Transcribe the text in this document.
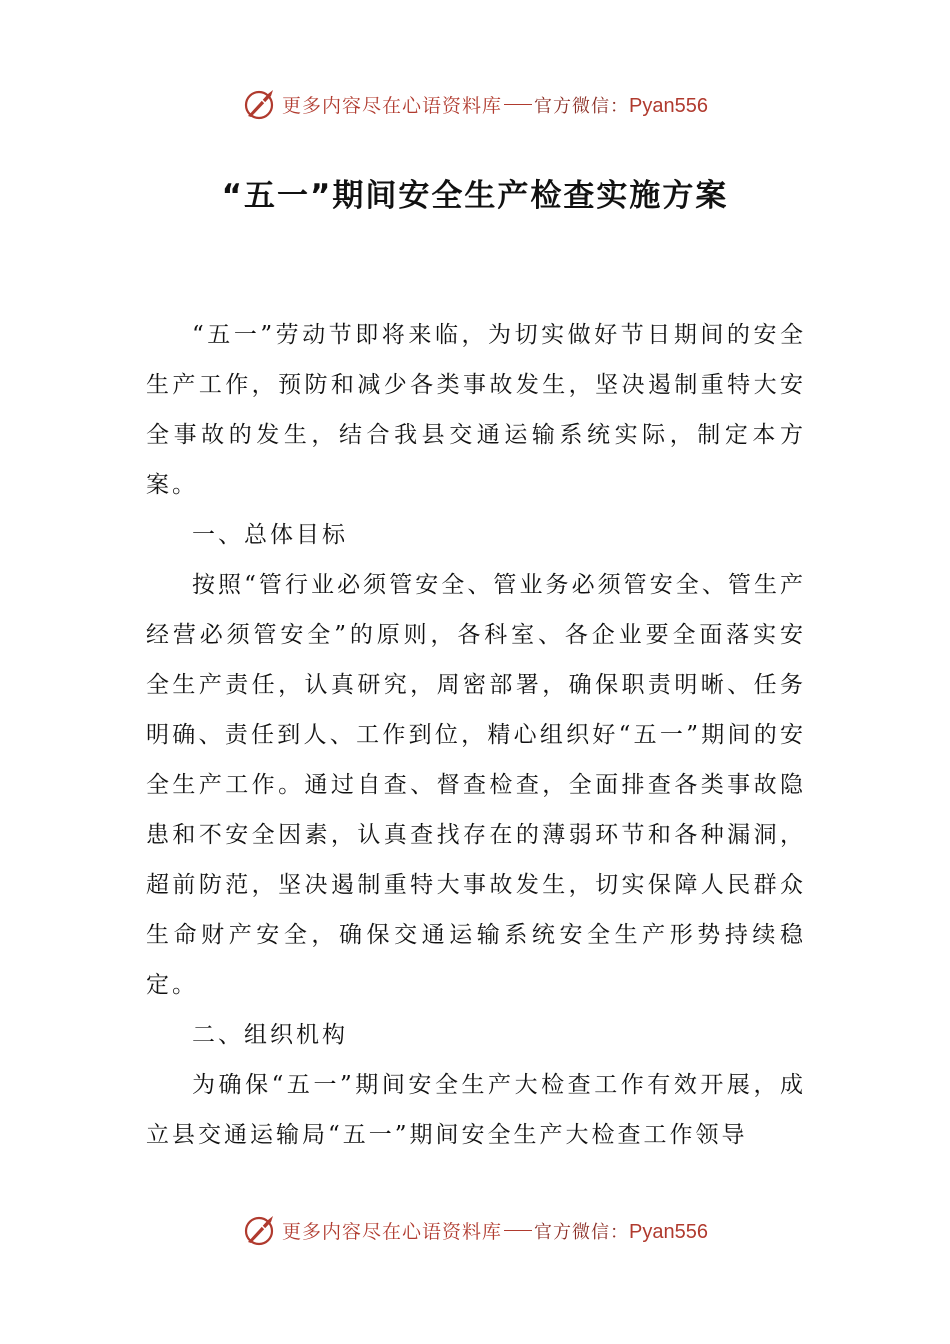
更多内容尽在心语资料库 官方微信：Pyan556
“五一”期间安全生产检查实施方案

“五一”劳动节即将来临，为切实做好节日期间的安全生产工作，预防和减少各类事故发生，坚决遏制重特大安全事故的发生，结合我县交通运输系统实际，制定本方案。

一、总体目标

按照“管行业必须管安全、管业务必须管安全、管生产经营必须管安全”的原则，各科室、各企业要全面落实安全生产责任，认真研究，周密部署，确保职责明晰、任务明确、责任到人、工作到位，精心组织好“五一”期间的安全生产工作。通过自查、督查检查，全面排查各类事故隐患和不安全因素，认真查找存在的薄弱环节和各种漏洞，超前防范，坚决遏制重特大事故发生，切实保障人民群众生命财产安全，确保交通运输系统安全生产形势持续稳定。

二、组织机构

为确保“五一”期间安全生产大检查工作有效开展，成立县交通运输局“五一”期间安全生产大检查工作领导

更多内容尽在心语资料库 官方微信：Pyan556
